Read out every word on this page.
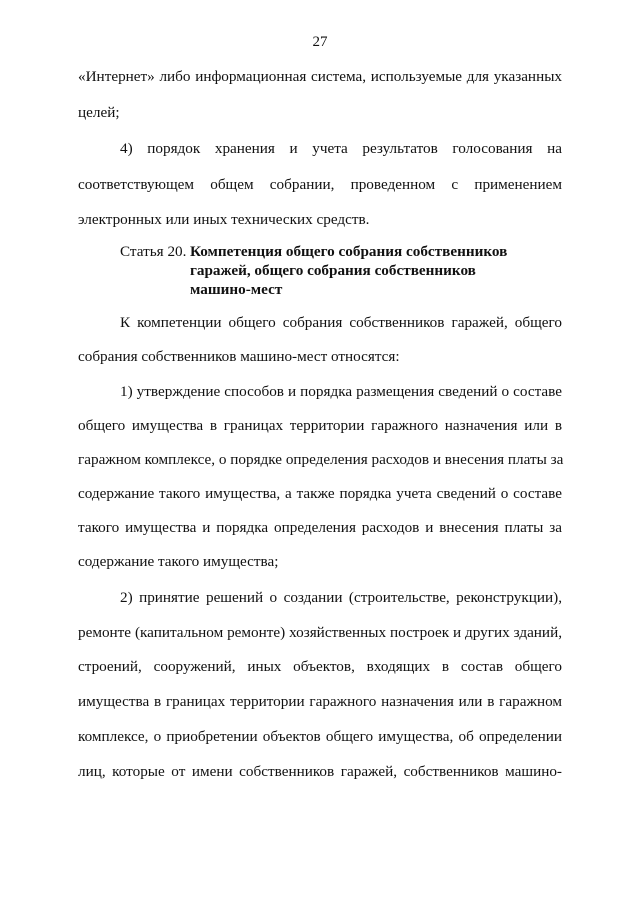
27
«Интернет» либо информационная система, используемые для указанных
целей;
4) порядок хранения и учета результатов голосования на
соответствующем общем собрании, проведенном с применением
электронных или иных технических средств.
Статья 20. Компетенция общего собрания собственников
гаражей, общего собрания собственников
машино-мест
К компетенции общего собрания собственников гаражей, общего
собрания собственников машино-мест относятся:
1) утверждение способов и порядка размещения сведений о составе
общего имущества в границах территории гаражного назначения или в
гаражном комплексе, о порядке определения расходов и внесения платы за
содержание такого имущества, а также порядка учета сведений о составе
такого имущества и порядка определения расходов и внесения платы за
содержание такого имущества;
2) принятие решений о создании (строительстве, реконструкции),
ремонте (капитальном ремонте) хозяйственных построек и других зданий,
строений, сооружений, иных объектов, входящих в состав общего
имущества в границах территории гаражного назначения или в гаражном
комплексе, о приобретении объектов общего имущества, об определении
лиц, которые от имени собственников гаражей, собственников машино-
